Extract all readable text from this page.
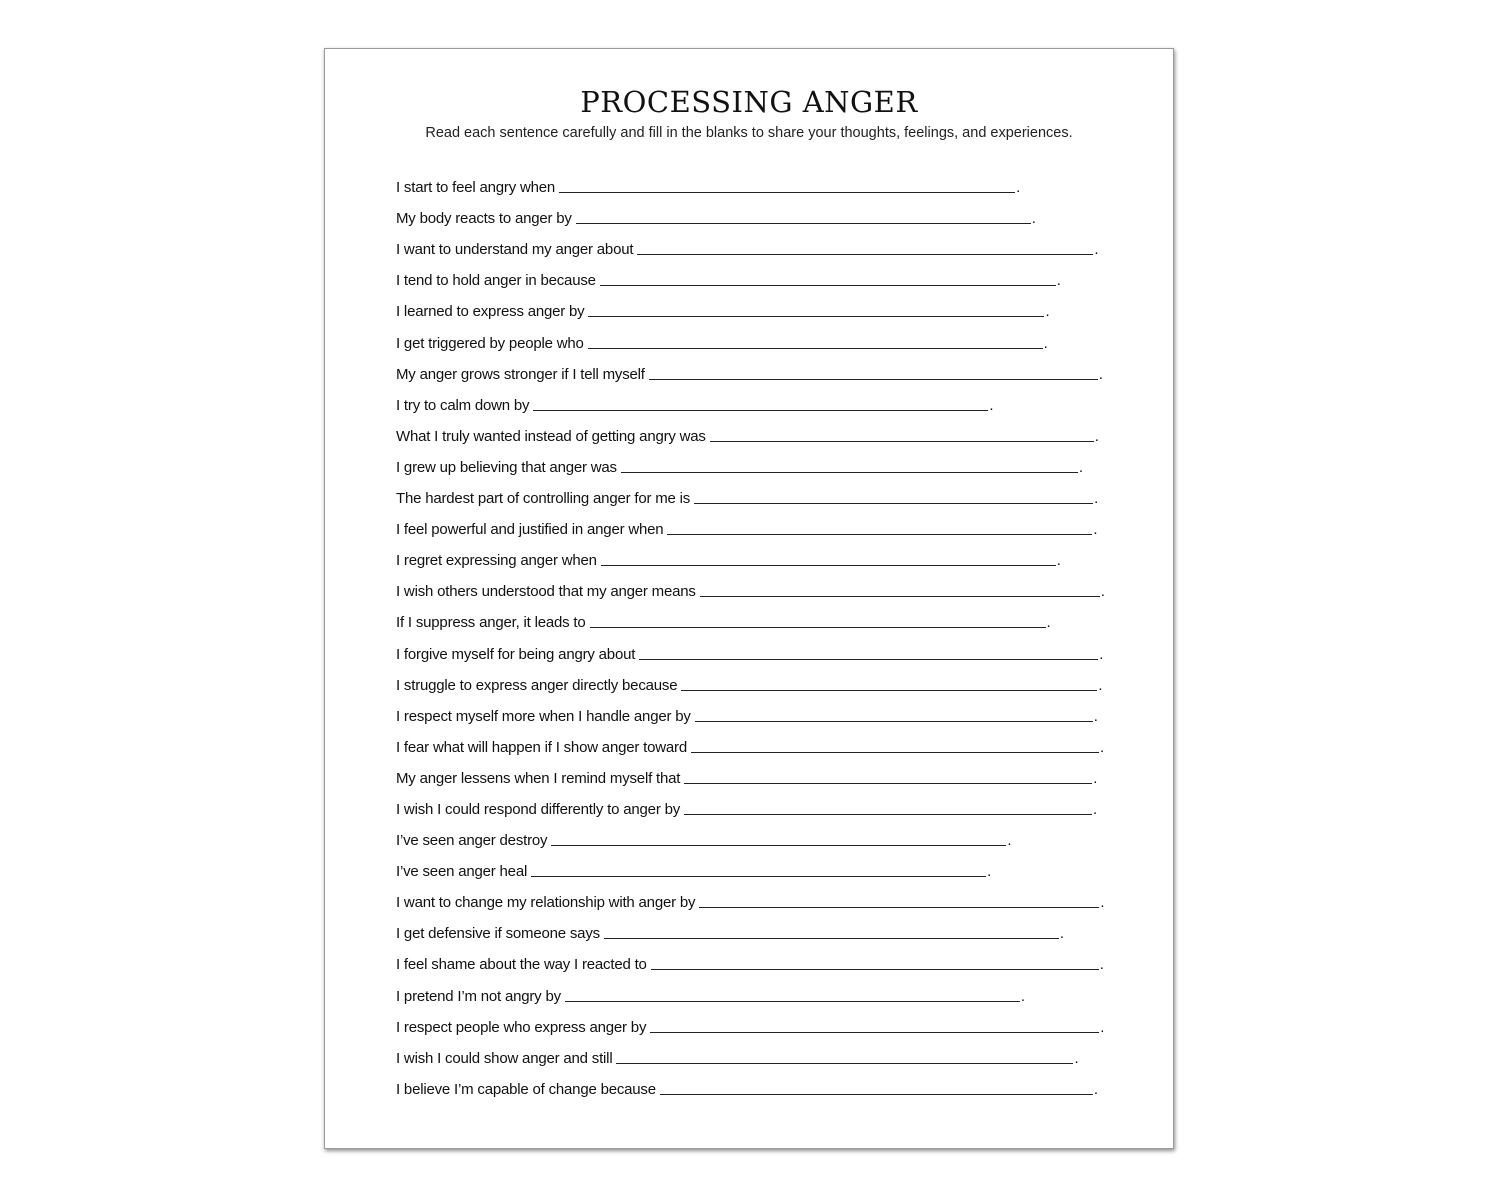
PROCESSING ANGER

Read each sentence carefully and fill in the blanks to share your thoughts, feelings, and experiences.

I start to feel angry when	.
My body reacts to anger by	.
I want to understand my anger about	.
I tend to hold anger in because	.
I learned to express anger by	.
I get triggered by people who	.
My anger grows stronger if I tell myself	.
I try to calm down by	.
What I truly wanted instead of getting angry was	.
I grew up believing that anger was	.
The hardest part of controlling anger for me is	.
I feel powerful and justified in anger when	.
I regret expressing anger when	.
I wish others understood that my anger means	.
If I suppress anger, it leads to	.
I forgive myself for being angry about	.
I struggle to express anger directly because	.
I respect myself more when I handle anger by	.
I fear what will happen if I show anger toward	.
My anger lessens when I remind myself that	.
I wish I could respond differently to anger by	.
I’ve seen anger destroy	.
I’ve seen anger heal	.
I want to change my relationship with anger by	.
I get defensive if someone says	.
I feel shame about the way I reacted to	.
I pretend I’m not angry by	.
I respect people who express anger by	.
I wish I could show anger and still	.
I believe I’m capable of change because	.
